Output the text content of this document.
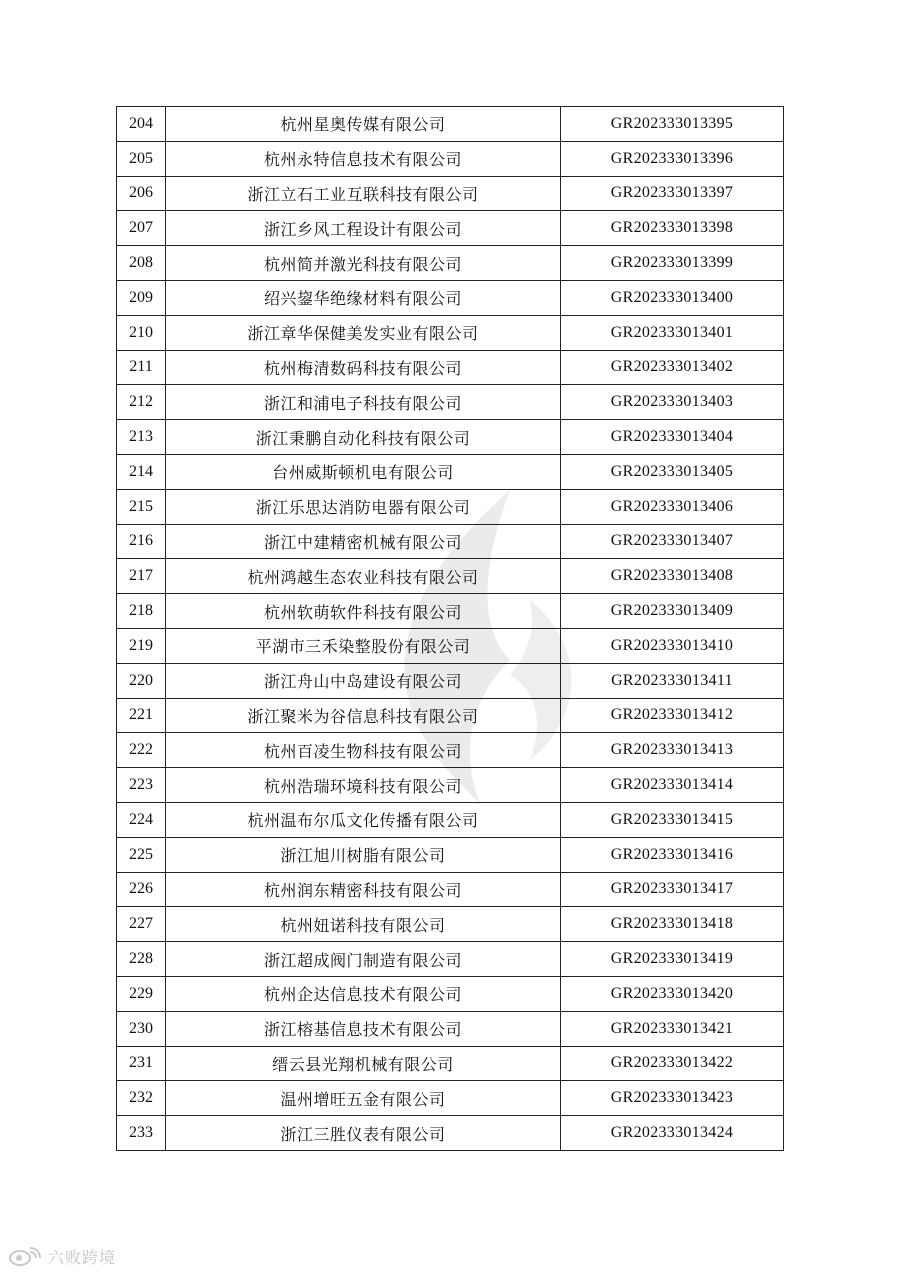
204	杭州星奥传媒有限公司	GR202333013395
205	杭州永特信息技术有限公司	GR202333013396
206	浙江立石工业互联科技有限公司	GR202333013397
207	浙江乡风工程设计有限公司	GR202333013398
208	杭州简并激光科技有限公司	GR202333013399
209	绍兴鋆华绝缘材料有限公司	GR202333013400
210	浙江章华保健美发实业有限公司	GR202333013401
211	杭州梅清数码科技有限公司	GR202333013402
212	浙江和浦电子科技有限公司	GR202333013403
213	浙江秉鹏自动化科技有限公司	GR202333013404
214	台州威斯顿机电有限公司	GR202333013405
215	浙江乐思达消防电器有限公司	GR202333013406
216	浙江中建精密机械有限公司	GR202333013407
217	杭州鸿越生态农业科技有限公司	GR202333013408
218	杭州软萌软件科技有限公司	GR202333013409
219	平湖市三禾染整股份有限公司	GR202333013410
220	浙江舟山中岛建设有限公司	GR202333013411
221	浙江聚米为谷信息科技有限公司	GR202333013412
222	杭州百凌生物科技有限公司	GR202333013413
223	杭州浩瑞环境科技有限公司	GR202333013414
224	杭州温布尔瓜文化传播有限公司	GR202333013415
225	浙江旭川树脂有限公司	GR202333013416
226	杭州润东精密科技有限公司	GR202333013417
227	杭州妞诺科技有限公司	GR202333013418
228	浙江超成阀门制造有限公司	GR202333013419
229	杭州企达信息技术有限公司	GR202333013420
230	浙江榕基信息技术有限公司	GR202333013421
231	缙云县光翔机械有限公司	GR202333013422
232	温州增旺五金有限公司	GR202333013423
233	浙江三胜仪表有限公司	GR202333013424
六败跨境
